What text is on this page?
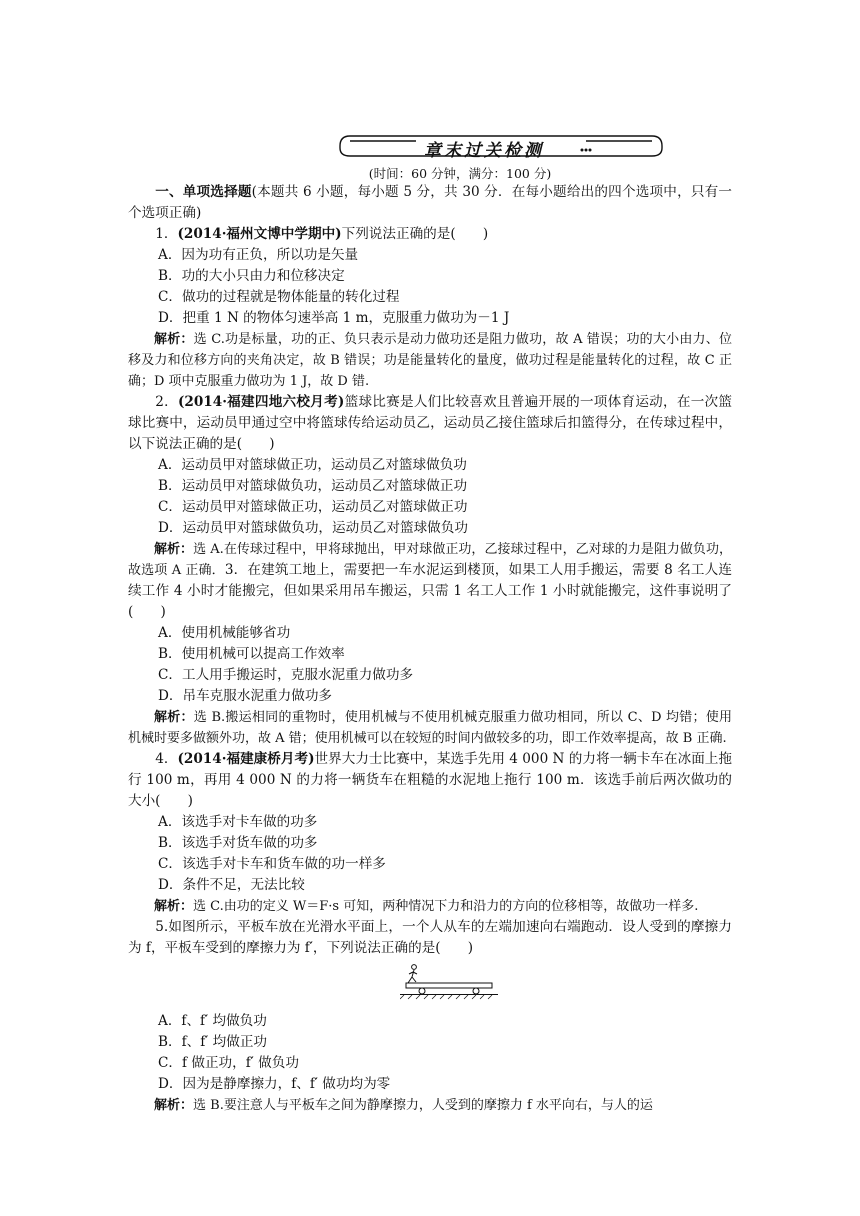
章末过关检测
(时间：60 分钟，满分：100 分)

一、单项选择题(本题共 6 小题，每小题 5 分，共 30 分．在每小题给出的四个选项中，只有一个选项正确)

1．(2014·福州文博中学期中)下列说法正确的是(　　)

A．因为功有正负，所以功是矢量

B．功的大小只由力和位移决定

C．做功的过程就是物体能量的转化过程

D．把重 1 N 的物体匀速举高 1 m，克服重力做功为－1 J

解析：选 C.功是标量，功的正、负只表示是动力做功还是阻力做功，故 A 错误；功的大小由力、位移及力和位移方向的夹角决定，故 B 错误；功是能量转化的量度，做功过程是能量转化的过程，故 C 正确；D 项中克服重力做功为 1 J，故 D 错.

2．(2014·福建四地六校月考)篮球比赛是人们比较喜欢且普遍开展的一项体育运动，在一次篮球比赛中，运动员甲通过空中将篮球传给运动员乙，运动员乙接住篮球后扣篮得分，在传球过程中，以下说法正确的是(　　)

A．运动员甲对篮球做正功，运动员乙对篮球做负功

B．运动员甲对篮球做负功，运动员乙对篮球做正功

C．运动员甲对篮球做正功，运动员乙对篮球做正功

D．运动员甲对篮球做负功，运动员乙对篮球做负功

解析：选 A.在传球过程中，甲将球抛出，甲对球做正功，乙接球过程中，乙对球的力是阻力做负功，故选项 A 正确．3．在建筑工地上，需要把一车水泥运到楼顶，如果工人用手搬运，需要 8 名工人连续工作 4 小时才能搬完，但如果采用吊车搬运，只需 1 名工人工作 1 小时就能搬完，这件事说明了(　　)

A．使用机械能够省功

B．使用机械可以提高工作效率

C．工人用手搬运时，克服水泥重力做功多

D．吊车克服水泥重力做功多

解析：选 B.搬运相同的重物时，使用机械与不使用机械克服重力做功相同，所以 C、D 均错；使用机械时要多做额外功，故 A 错；使用机械可以在较短的时间内做较多的功，即工作效率提高，故 B 正确.

4．(2014·福建康桥月考)世界大力士比赛中，某选手先用 4 000 N 的力将一辆卡车在冰面上拖行 100 m，再用 4 000 N 的力将一辆货车在粗糙的水泥地上拖行 100 m．该选手前后两次做功的大小(　　)

A．该选手对卡车做的功多

B．该选手对货车做的功多

C．该选手对卡车和货车做的功一样多

D．条件不足，无法比较

解析：选 C.由功的定义 W＝F·s 可知，两种情况下力和沿力的方向的位移相等，故做功一样多.

5.如图所示，平板车放在光滑水平面上，一个人从车的左端加速向右端跑动．设人受到的摩擦力为 f，平板车受到的摩擦力为 f′，下列说法正确的是(　　)

A．f、f′ 均做负功

B．f、f′ 均做正功

C．f 做正功，f′ 做负功

D．因为是静摩擦力，f、f′ 做功均为零

解析：选 B.要注意人与平板车之间为静摩擦力，人受到的摩擦力 f 水平向右，与人的运
